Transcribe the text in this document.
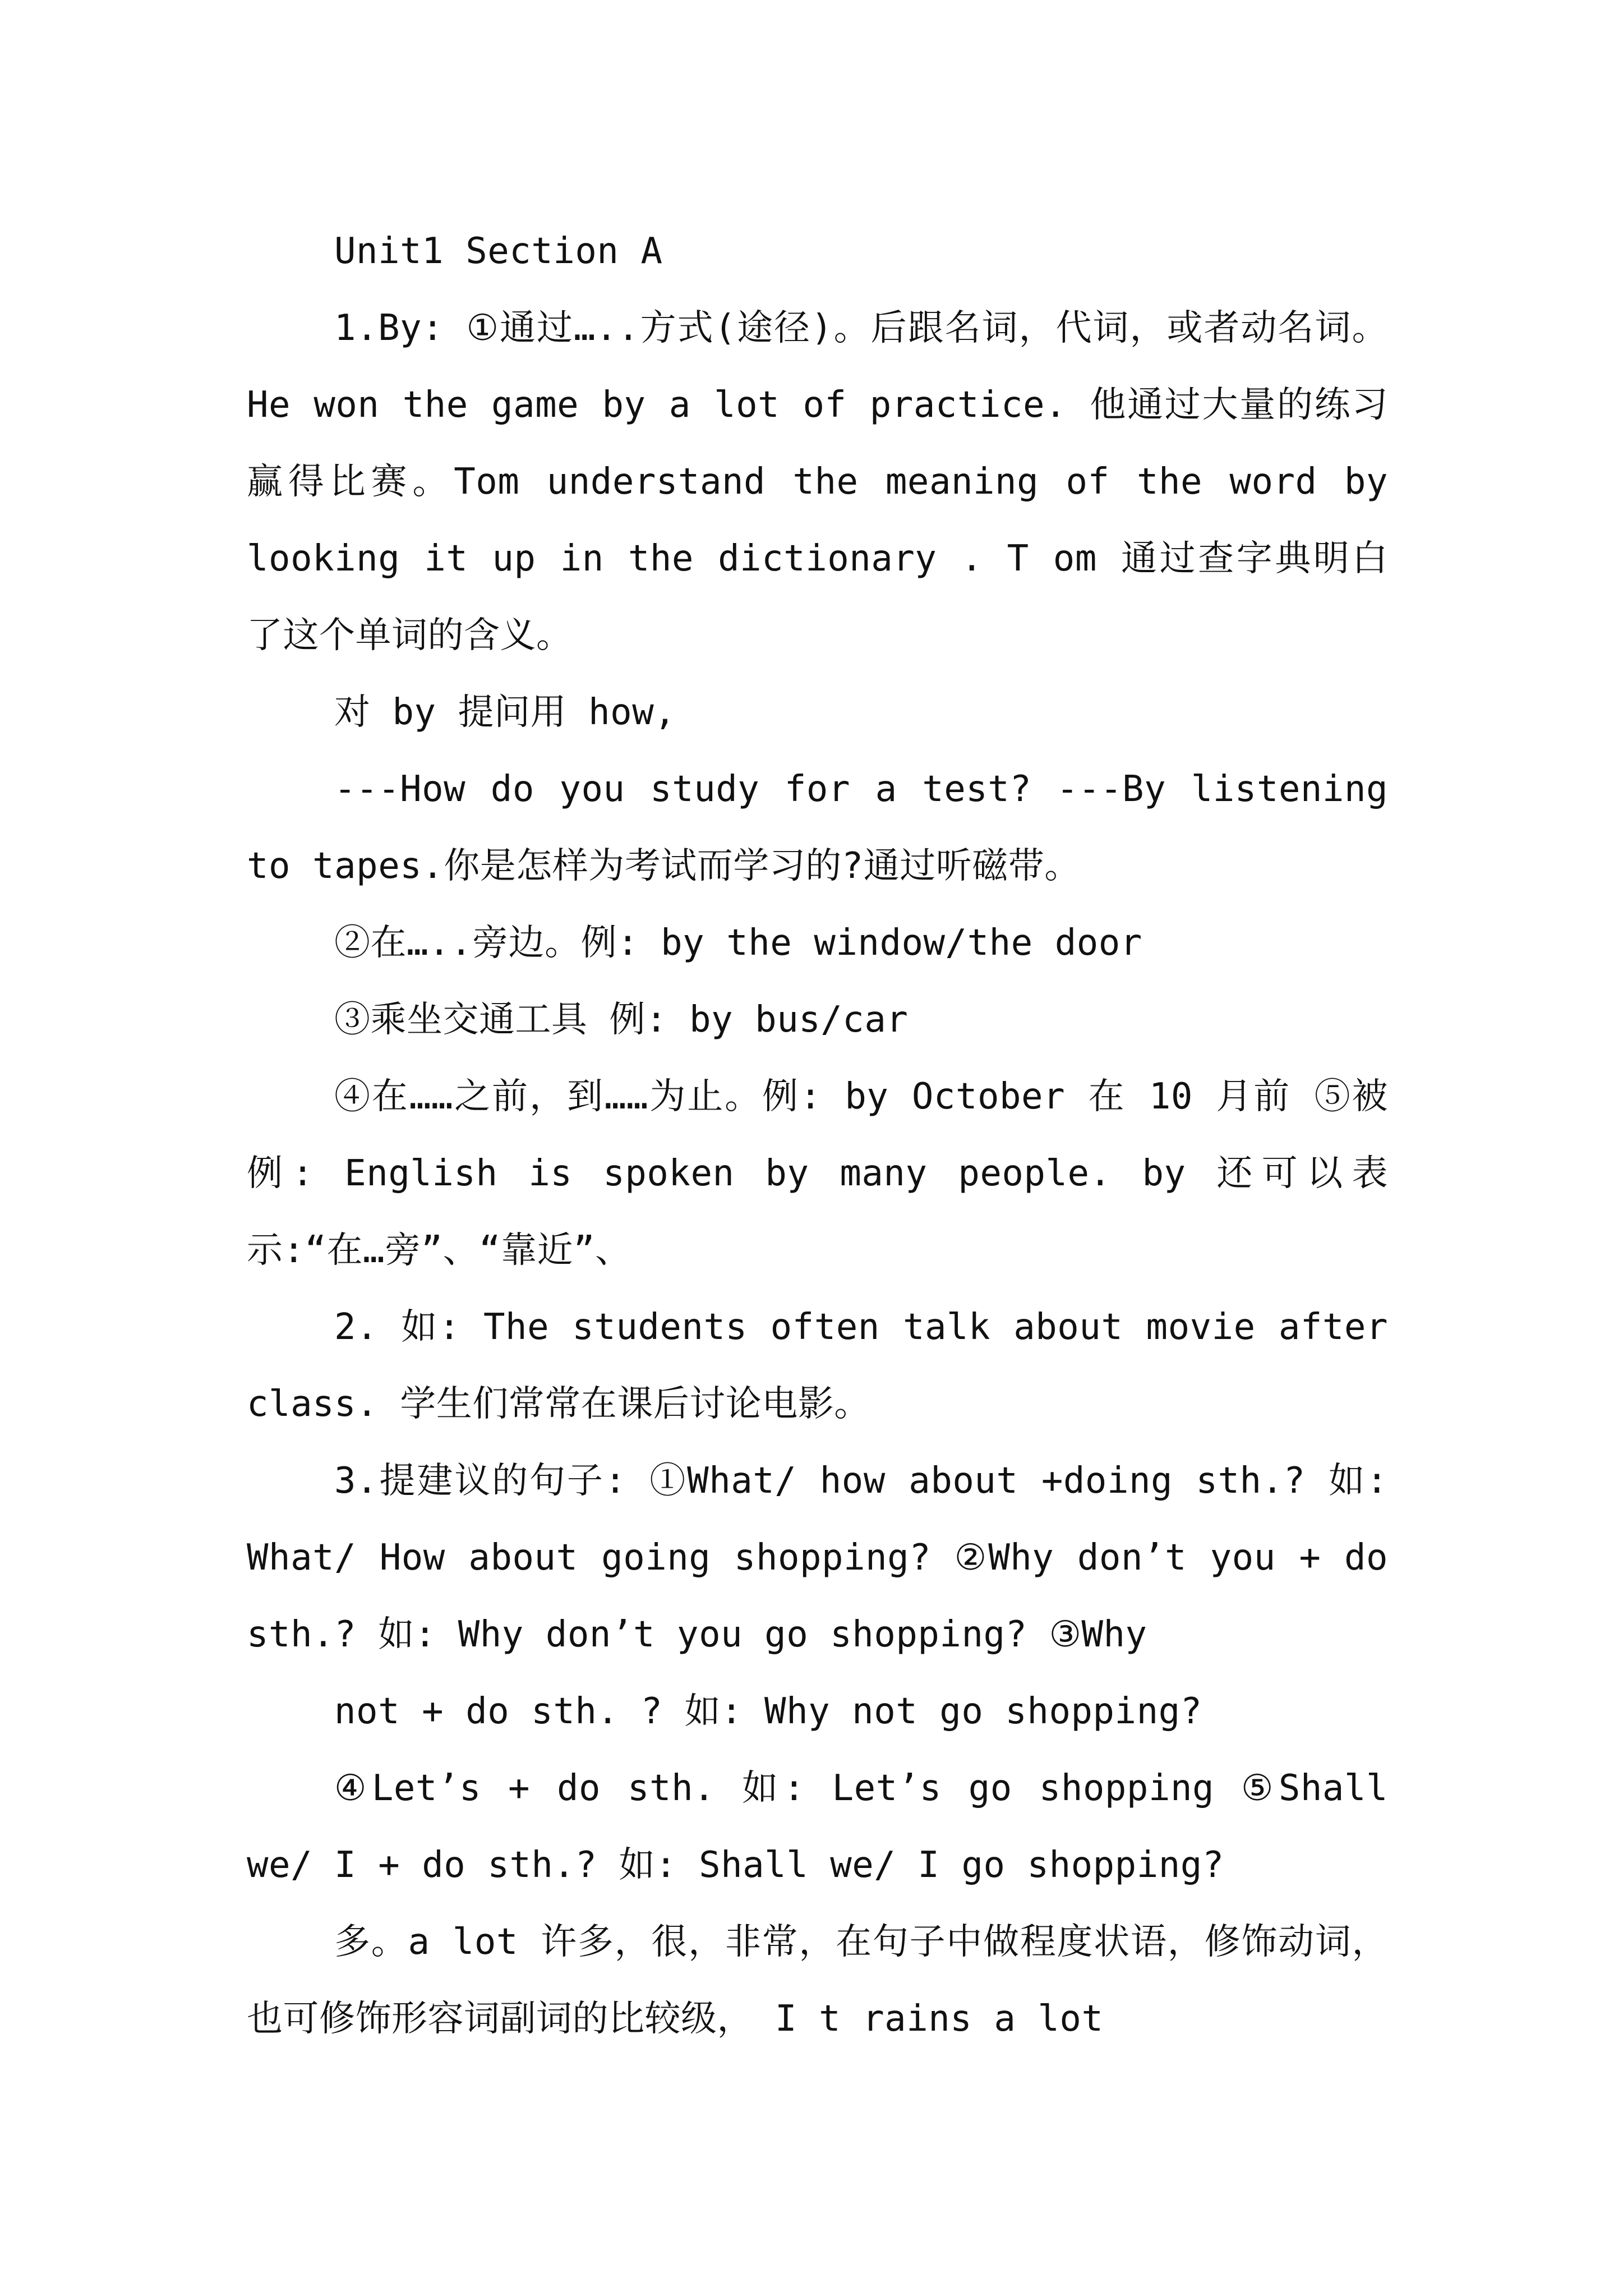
Unit1 Section A

1.By: ①通过…..方式(途径)。后跟名词，代词，或者动名词。He won the game by a lot of practice. 他通过大量的练习赢得比赛。Tom understand the meaning of the word by looking it up in the dictionary . T om 通过查字典明白了这个单词的含义。

对 by 提问用 how,

---How do you study for a test? ---By listening to tapes.你是怎样为考试而学习的?通过听磁带。

②在…..旁边。例: by the window/the door

③乘坐交通工具 例: by bus/car

④在……之前，到……为止。例: by October 在 10 月前 ⑤被 例: English is spoken by many people. by 还可以表示:“在…旁”、“靠近”、

2. 如: The students often talk about movie after class. 学生们常常在课后讨论电影。

3.提建议的句子: ①What/ how about +doing sth.? 如: What/ How about going shopping? ②Why don’t you + do sth.? 如: Why don’t you go shopping? ③Why

not + do sth. ? 如: Why not go shopping?

④Let’s + do sth. 如: Let’s go shopping ⑤Shall we/ I + do sth.? 如: Shall we/ I go shopping?

多。a lot 许多，很，非常，在句子中做程度状语，修饰动词，也可修饰形容词副词的比较级， I t rains a lot
